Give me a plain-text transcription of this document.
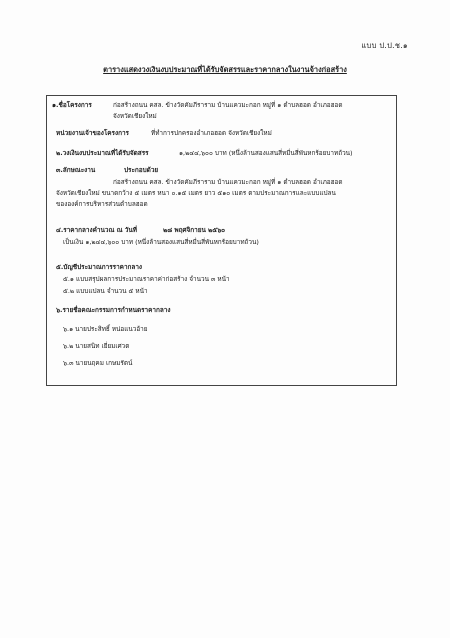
แบบ ป.ป.ช.๑
ตารางแสดงวงเงินงบประมาณที่ได้รับจัดสรรและราคากลางในงานจ้างก่อสร้าง
๑.ชื่อโครงการ	ก่อสร้างถนน คสล. ข้างวัดคัมภีราราม บ้านแควมะกอก หมู่ที่ ๑ ตำบลฮอด อำเภอฮอด
จังหวัดเชียงใหม่
หน่วยงานเจ้าของโครงการ	ที่ทำการปกครองอำเภอฮอด จังหวัดเชียงใหม่
๒.วงเงินงบประมาณที่ได้รับจัดสรร	๑,๒๔๔,๖๐๐ บาท (หนึ่งล้านสองแสนสี่หมื่นสี่พันหกร้อยบาทถ้วน)
๓.ลักษณะงาน	ประกอบด้วย
ก่อสร้างถนน คสล. ข้างวัดคัมภีราราม บ้านแควมะกอก หมู่ที่ ๑ ตำบลฮอด อำเภอฮอด
จังหวัดเชียงใหม่ ขนาดกว้าง ๕ เมตร หนา ๐.๑๕ เมตร ยาว ๕๑๐ เมตร ตามประมาณการและแบบแปลน
ขององค์การบริหารส่วนตำบลฮอด
๔.ราคากลางคำนวณ ณ วันที่	๒๘ พฤศจิกายน ๒๕๖๐
เป็นเงิน ๑,๒๔๔,๖๐๐ บาท (หนึ่งล้านสองแสนสี่หมื่นสี่พันหกร้อยบาทถ้วน)
๕.บัญชีประมาณการราคากลาง
๕.๑ แบบสรุปผลการประมาณราคาค่าก่อสร้าง จำนวน ๓ หน้า
๕.๒ แบบแปลน จำนวน ๕ หน้า
๖.รายชื่อคณะกรรมการกำหนดราคากลาง
๖.๑ นายประสิทธิ์ หน่อแนวอ้าย
๖.๒ นายสนิท เยี่ยมเศวต
๖.๓ นายนฤคม เกษมรัตน์
